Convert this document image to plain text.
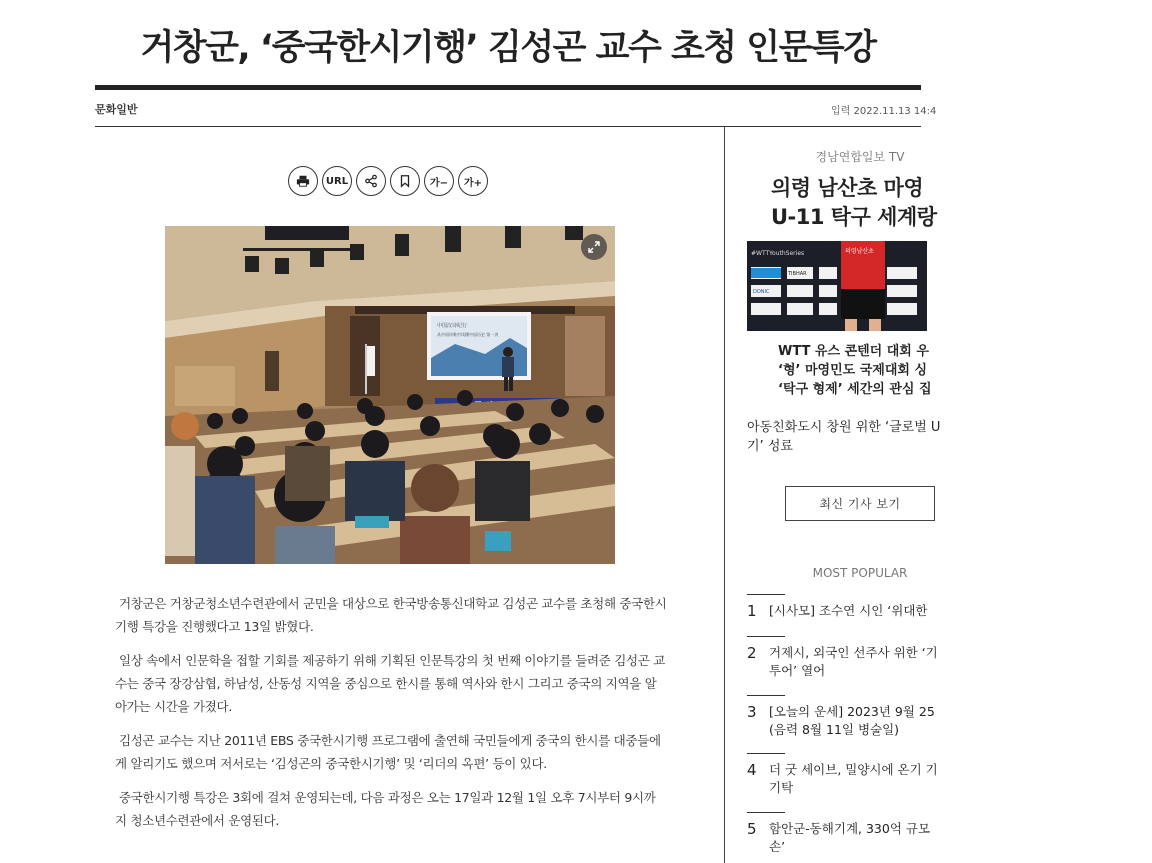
거창군, ‘중국한시기행’ 김성곤 교수 초청 인문특강
문화일반	입력 2022.11.13 14:4
URL	가−	가+
中国汉诗纪行
从中国诗歌中读懂中国历史 第一讲

거창군은 거창군청소년수련관에서 군민을 대상으로 한국방송통신대학교 김성곤 교수를 초청해 중국한시기행 특강을 진행했다고 13일 밝혔다.

일상 속에서 인문학을 접할 기회를 제공하기 위해 기획된 인문특강의 첫 번째 이야기를 들려준 김성곤 교수는 중국 장강삼협, 하남성, 산동성 지역을 중심으로 한시를 통해 역사와 한시 그리고 중국의 지역을 알아가는 시간을 가졌다.

김성곤 교수는 지난 2011년 EBS 중국한시기행 프로그램에 출연해 국민들에게 중국의 한시를 대중들에게 알리기도 했으며 저서로는 ‘김성곤의 중국한시기행’ 및 ‘리더의 옥편’ 등이 있다.

중국한시기행 특강은 3회에 걸쳐 운영되는데, 다음 과정은 오는 17일과 12월 1일 오후 7시부터 9시까지 청소년수련관에서 운영된다.

경남연합일보 TV
의령 남산초 마영
U-11 탁구 세계랑
#WTTYouthSeries
TIBHAR
DONIC
의령남산초
WTT 유스 콘텐더 대회 우
‘형’ 마영민도 국제대회 싱
‘탁구 형제’ 세간의 관심 집
아동친화도시 창원 위한 ‘글로벌 U
기’ 성료
최신 기사 보기
MOST POPULAR
1 [시사모] 조수연 시인 ‘위대한
2 거제시, 외국인 선주사 위한 ‘기
투어’ 열어
3 [오늘의 운세] 2023년 9월 25
(음력 8월 11일 병술일)
4 더 굿 세이브, 밀양시에 온기 기
기탁
5 함안군-동해기계, 330억 규모
손’
